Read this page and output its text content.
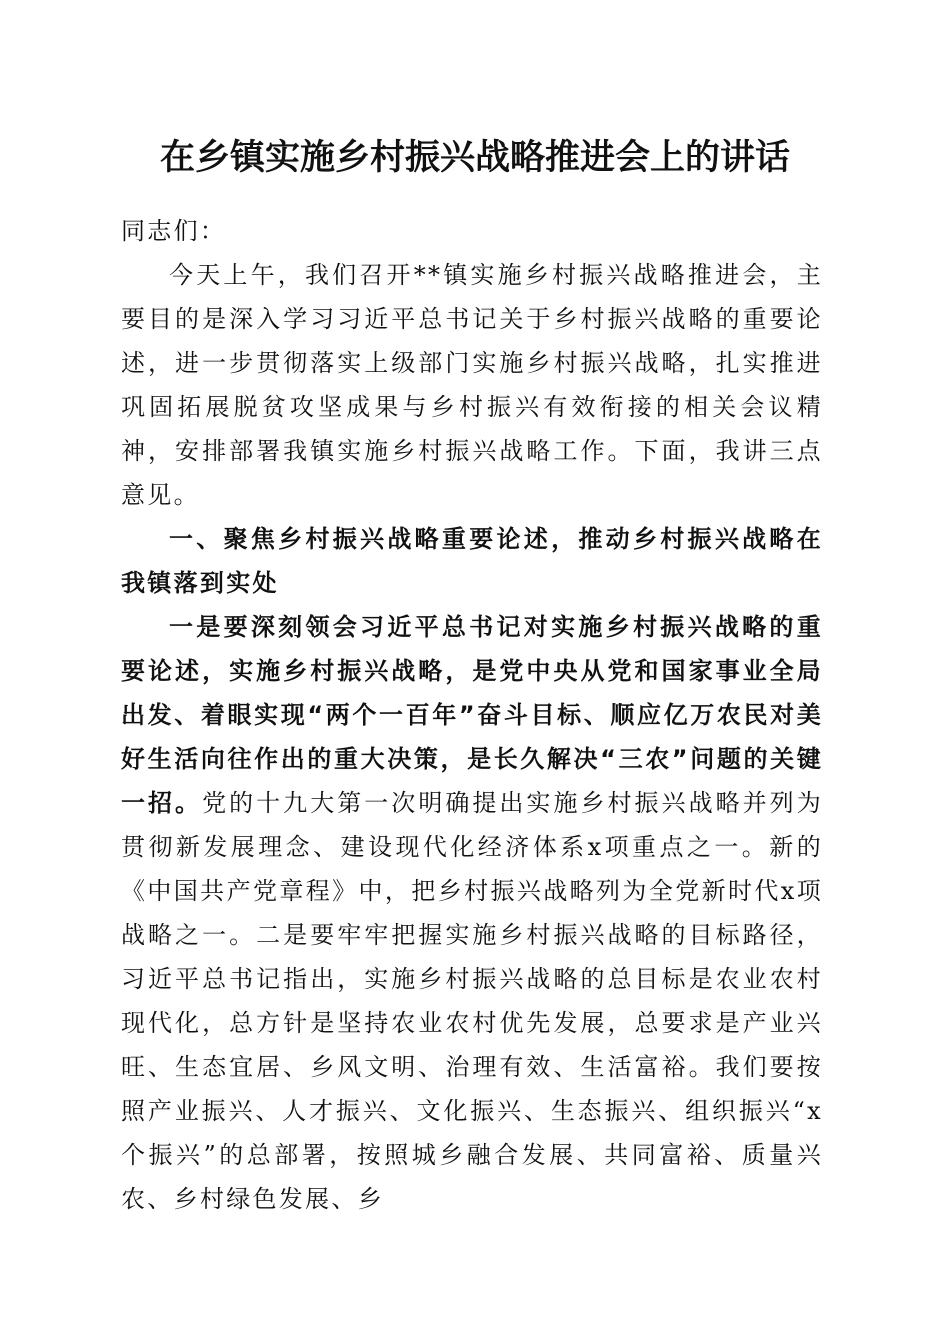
在乡镇实施乡村振兴战略推进会上的讲话

同志们：

今天上午，我们召开**镇实施乡村振兴战略推进会，主要目的是深入学习习近平总书记关于乡村振兴战略的重要论述，进一步贯彻落实上级部门实施乡村振兴战略，扎实推进巩固拓展脱贫攻坚成果与乡村振兴有效衔接的相关会议精神，安排部署我镇实施乡村振兴战略工作。下面，我讲三点意见。

一、聚焦乡村振兴战略重要论述，推动乡村振兴战略在我镇落到实处

一是要深刻领会习近平总书记对实施乡村振兴战略的重要论述，实施乡村振兴战略，是党中央从党和国家事业全局出发、着眼实现“两个一百年”奋斗目标、顺应亿万农民对美好生活向往作出的重大决策，是长久解决“三农”问题的关键一招。党的十九大第一次明确提出实施乡村振兴战略并列为贯彻新发展理念、建设现代化经济体系x项重点之一。新的《中国共产党章程》中，把乡村振兴战略列为全党新时代x项战略之一。二是要牢牢把握实施乡村振兴战略的目标路径，习近平总书记指出，实施乡村振兴战略的总目标是农业农村现代化，总方针是坚持农业农村优先发展，总要求是产业兴旺、生态宜居、乡风文明、治理有效、生活富裕。我们要按照产业振兴、人才振兴、文化振兴、生态振兴、组织振兴“x个振兴”的总部署，按照城乡融合发展、共同富裕、质量兴农、乡村绿色发展、乡
